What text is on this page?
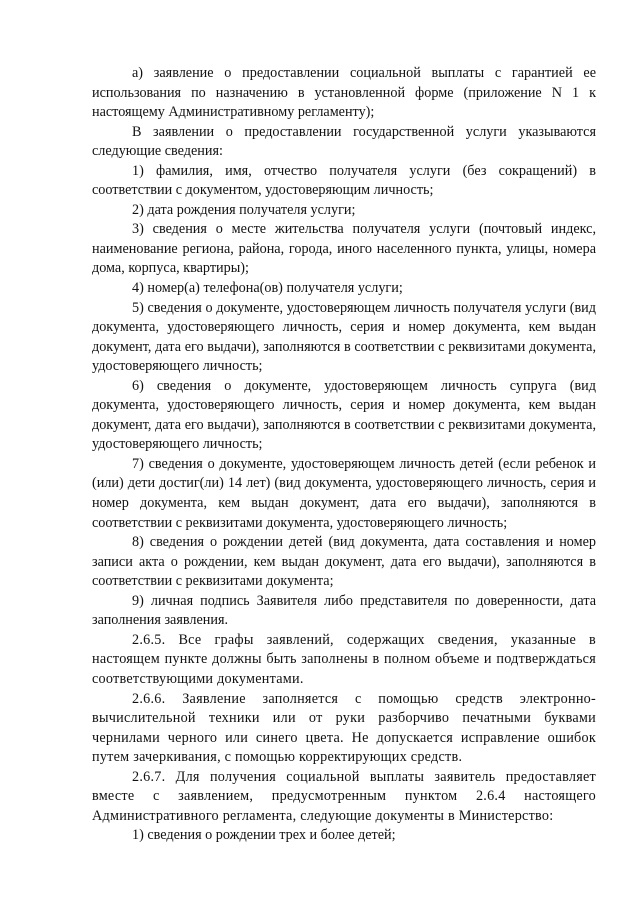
а) заявление о предоставлении социальной выплаты с гарантией ее использования по назначению в установленной форме (приложение N 1 к настоящему Административному регламенту);

В заявлении о предоставлении государственной услуги указываются следующие сведения:

1) фамилия, имя, отчество получателя услуги (без сокращений) в соответствии с документом, удостоверяющим личность;

2) дата рождения получателя услуги;

3) сведения о месте жительства получателя услуги (почтовый индекс, наименование региона, района, города, иного населенного пункта, улицы, номера дома, корпуса, квартиры);

4) номер(а) телефона(ов) получателя услуги;

5) сведения о документе, удостоверяющем личность получателя услуги (вид документа, удостоверяющего личность, серия и номер документа, кем выдан документ, дата его выдачи), заполняются в соответствии с реквизитами документа, удостоверяющего личность;

6) сведения о документе, удостоверяющем личность супруга (вид документа, удостоверяющего личность, серия и номер документа, кем выдан документ, дата его выдачи), заполняются в соответствии с реквизитами документа, удостоверяющего личность;

7) сведения о документе, удостоверяющем личность детей (если ребенок и (или) дети достиг(ли) 14 лет) (вид документа, удостоверяющего личность, серия и номер документа, кем выдан документ, дата его выдачи), заполняются в соответствии с реквизитами документа, удостоверяющего личность;

8) сведения о рождении детей (вид документа, дата составления и номер записи акта о рождении, кем выдан документ, дата его выдачи), заполняются в соответствии с реквизитами документа;

9) личная подпись Заявителя либо представителя по доверенности, дата заполнения заявления.

2.6.5. Все графы заявлений, содержащих сведения, указанные в настоящем пункте должны быть заполнены в полном объеме и подтверждаться соответствующими документами.

2.6.6. Заявление заполняется с помощью средств электронно-вычислительной техники или от руки разборчиво печатными буквами чернилами черного или синего цвета. Не допускается исправление ошибок путем зачеркивания, с помощью корректирующих средств.

2.6.7. Для получения социальной выплаты заявитель предоставляет вместе с заявлением, предусмотренным пунктом 2.6.4 настоящего Административного регламента, следующие документы в Министерство:

1) сведения о рождении трех и более детей;
